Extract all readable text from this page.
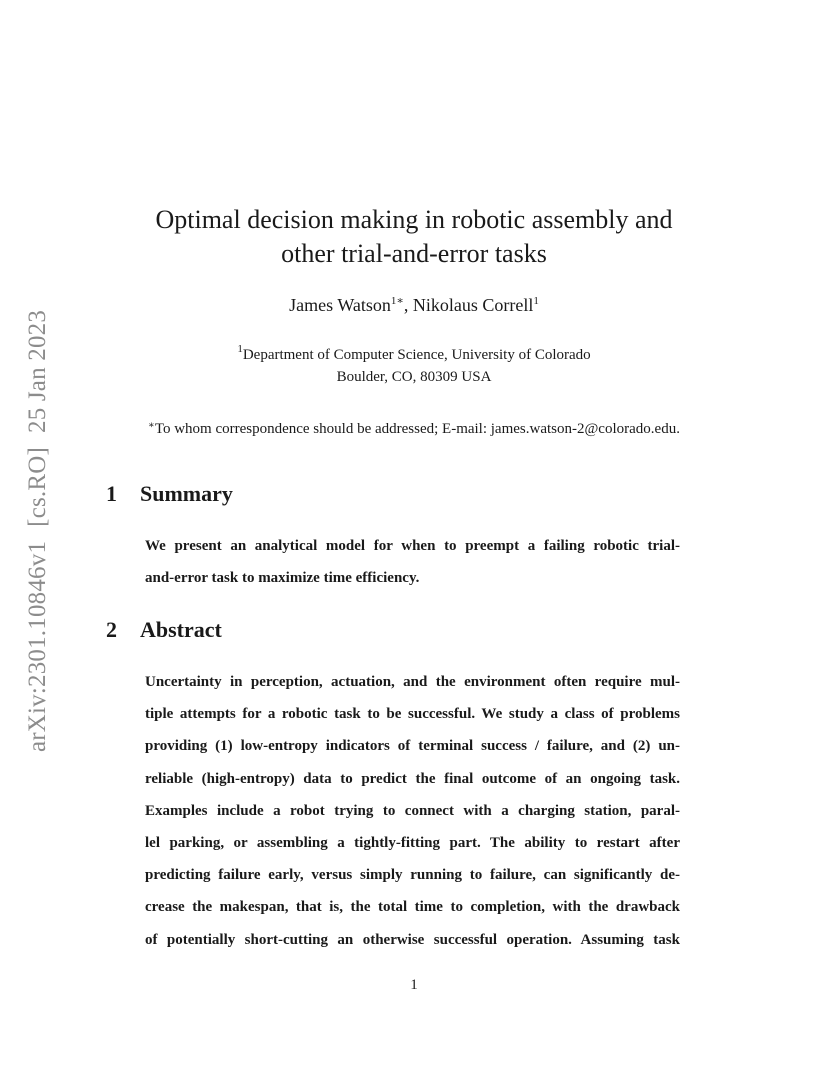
arXiv:2301.10846v1[cs.RO]25 Jan 2023
Optimal decision making in robotic assembly and
other trial-and-error tasks
James Watson$^{1∗}$, Nikolaus Correll$^1$
$^1$Department of Computer Science, University of Colorado
Boulder, CO, 80309 USA
∗To whom correspondence should be addressed; E-mail: james.watson-2@colorado.edu.
1 Summary
We present an analytical model for when to preempt a failing robotic trial-
and-error task to maximize time efficiency.
2 Abstract
Uncertainty in perception, actuation, and the environment often require mul-
tiple attempts for a robotic task to be successful. We study a class of problems
providing (1) low-entropy indicators of terminal success / failure, and (2) un-
reliable (high-entropy) data to predict the final outcome of an ongoing task.
Examples include a robot trying to connect with a charging station, paral-
lel parking, or assembling a tightly-fitting part. The ability to restart after
predicting failure early, versus simply running to failure, can significantly de-
crease the makespan, that is, the total time to completion, with the drawback
of potentially short-cutting an otherwise successful operation. Assuming task
1
